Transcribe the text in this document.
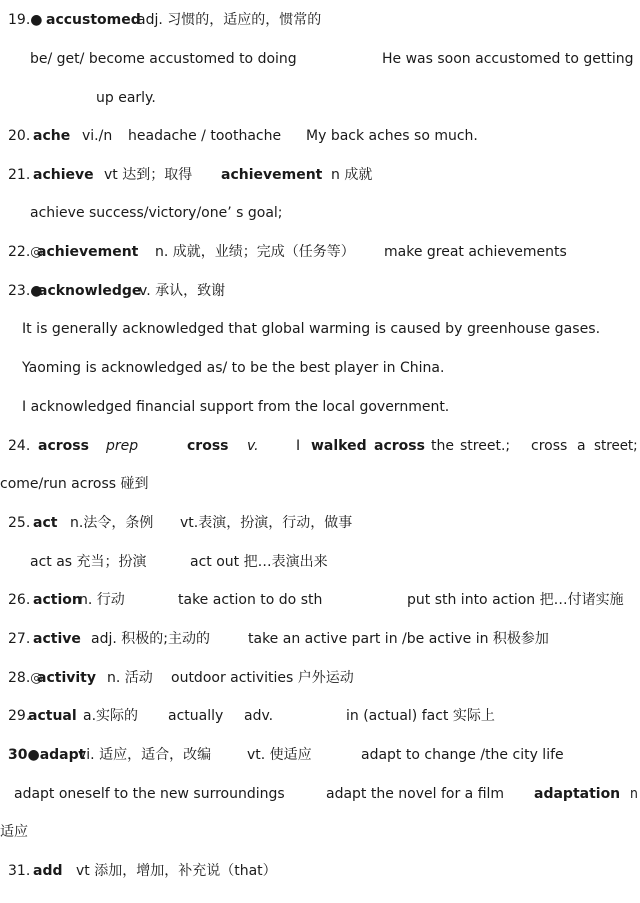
19.● accustomed
adj. 习惯的，适应的，惯常的
be/ get/ become accustomed to doing	He was soon accustomed to getting
up early.
20. ache vi./n headache / toothache My back aches so much.
21. achieve vt 达到；取得 achievement n 成就
achieve success/victory/one’ s goal;
22.◎
achievement n. 成就，业绩；完成（任务等） make great achievements
23.●
acknowledge
v. 承认，致谢
It is generally acknowledged that global warming is caused by greenhouse gases.
Yaoming is acknowledged as/ to be the best player in China.
I acknowledged financial support from the local government.
24. across prep	cross v.	I walked across the street.; cross a street;
come/run across 碰到
25. act n.法令，条例 vt.表演，扮演，行动，做事
act as 充当；扮演	act out 把…表演出来
26. action
n. 行动	take action to do sth	put sth into action 把…付诸实施
27. active adj. 积极的;主动的	take an active part in /be active in 积极参加
28.◎
activity n. 活动 outdoor activities 户外运动
29.
actual a.实际的 actually adv.	in (actual) fact 实际上
30●adapt
vi. 适应，适合，改编	vt. 使适应	adapt to change /the city life
adapt oneself to the new surroundings	adapt the novel for a film adaptation n
适应
31. add vt 添加，增加，补充说（that）
